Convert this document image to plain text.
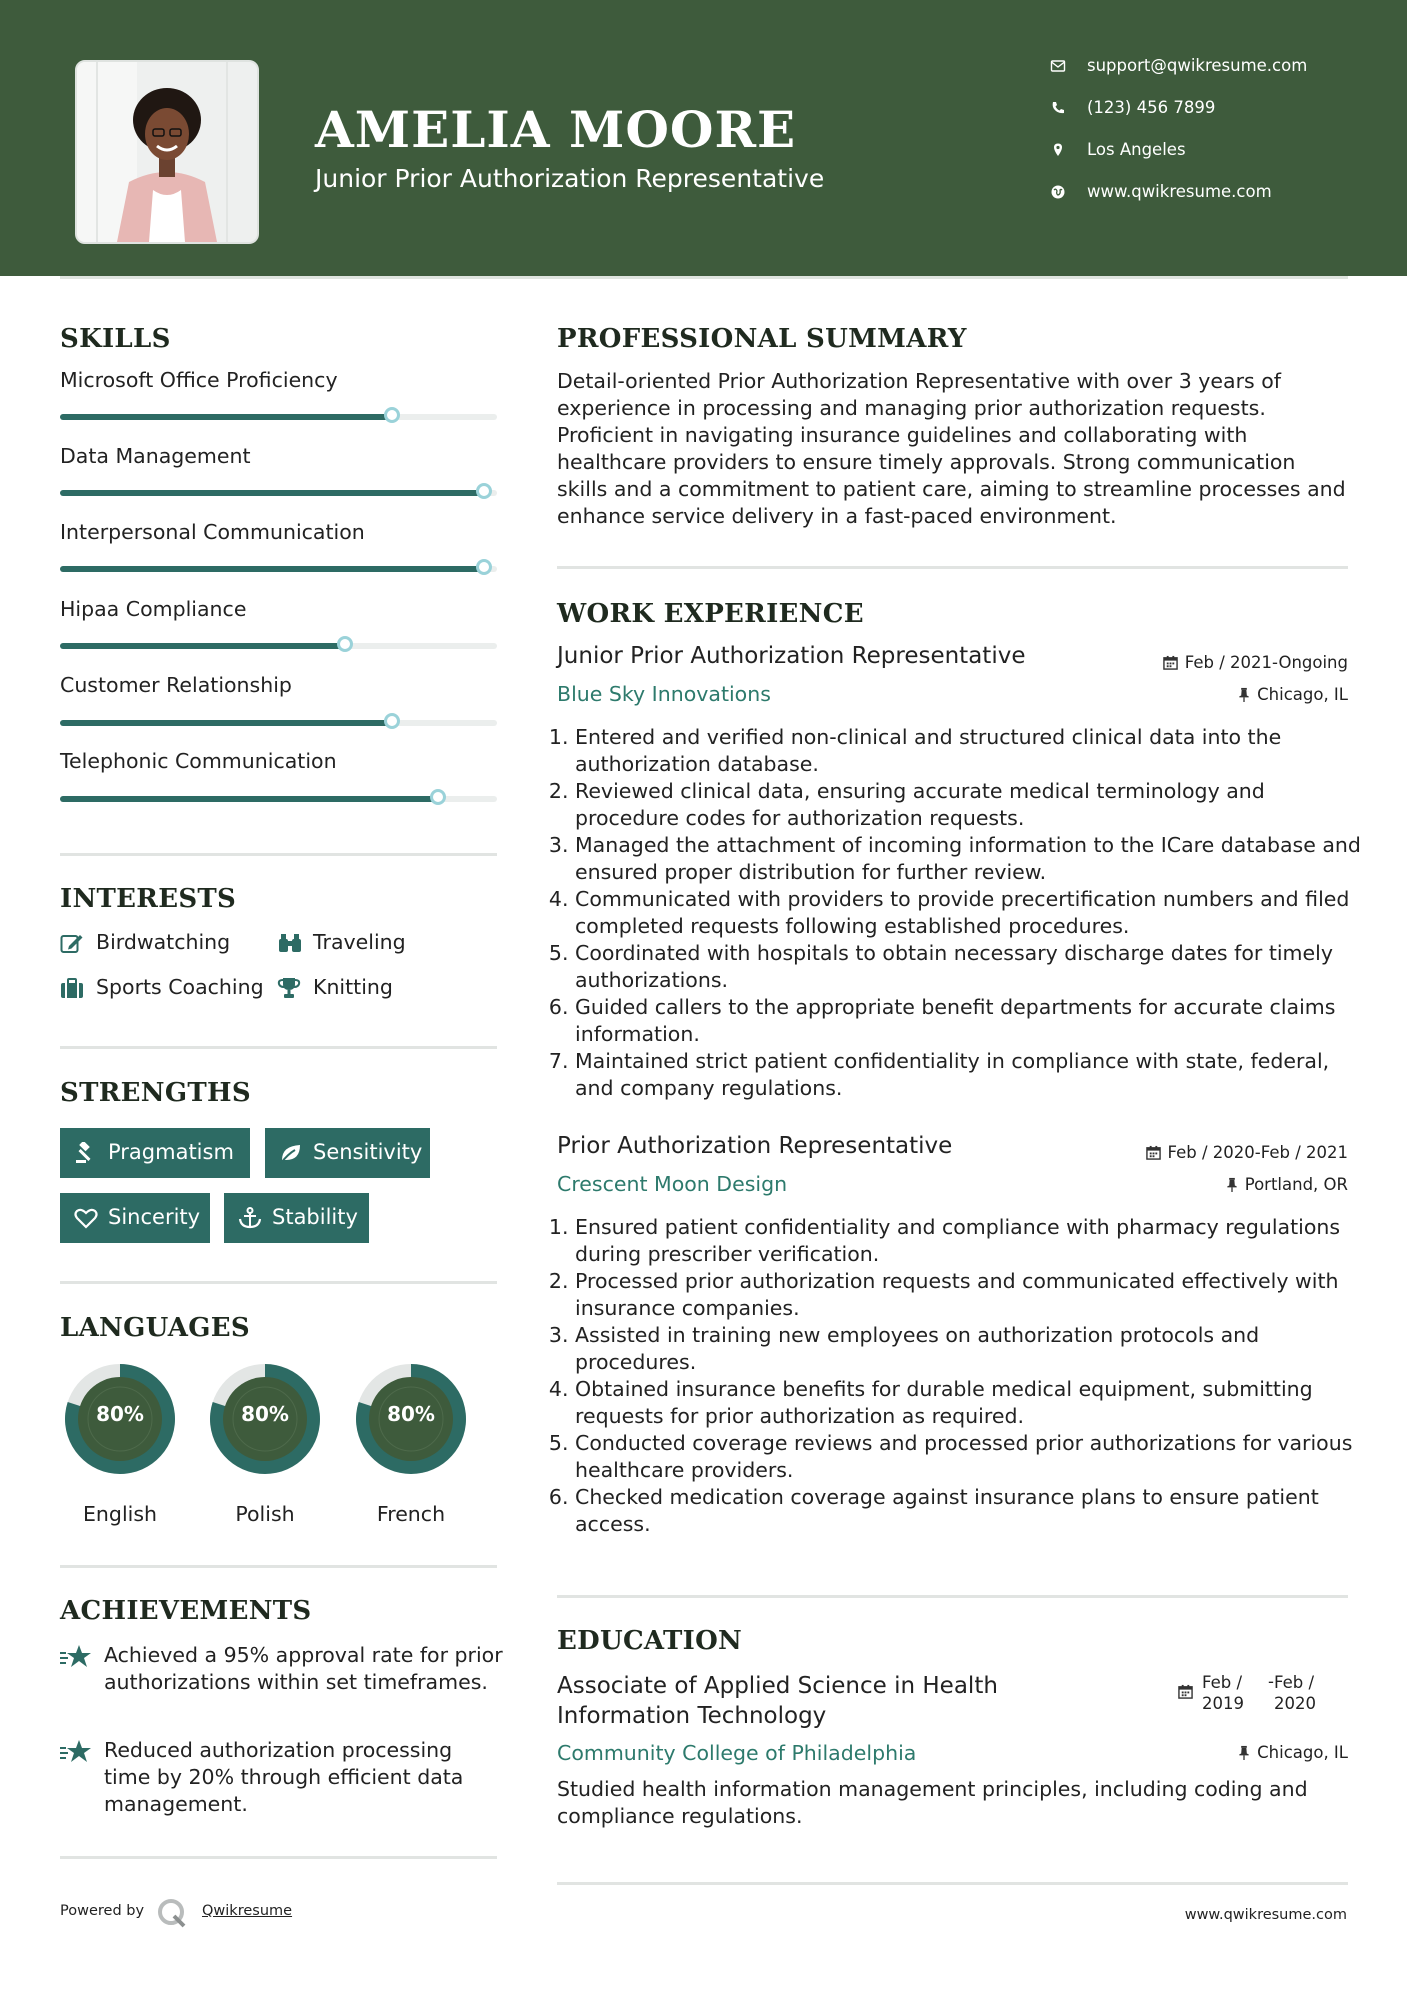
AMELIA MOORE
Junior Prior Authorization Representative
support@qwikresume.com
(123) 456 7899
Los Angeles
www.qwikresume.com
SKILLS
Microsoft Office Proficiency
Data Management
Interpersonal Communication
Hipaa Compliance
Customer Relationship
Telephonic Communication
INTERESTS
Birdwatching	Traveling
Sports Coaching Knitting
STRENGTHS
Pragmatism	Sensitivity
Sincerity	Stability
LANGUAGES
80%
English
80%
Polish
80%
French
ACHIEVEMENTS
Achieved a 95% approval rate for prior authorizations within set timeframes.
Reduced authorization processing time by 20% through efficient data management.
PROFESSIONAL SUMMARY
Detail-oriented Prior Authorization Representative with over 3 years of experience in processing and managing prior authorization requests. Proficient in navigating insurance guidelines and collaborating with healthcare providers to ensure timely approvals. Strong communication skills and a commitment to patient care, aiming to streamline processes and enhance service delivery in a fast-paced environment.
WORK EXPERIENCE
Junior Prior Authorization Representative	Feb / 2021-Ongoing
Blue Sky Innovations	Chicago, IL
1. Entered and verified non-clinical and structured clinical data into the authorization database.
2. Reviewed clinical data, ensuring accurate medical terminology and procedure codes for authorization requests.
3. Managed the attachment of incoming information to the ICare database and ensured proper distribution for further review.
4. Communicated with providers to provide precertification numbers and filed completed requests following established procedures.
5. Coordinated with hospitals to obtain necessary discharge dates for timely authorizations.
6. Guided callers to the appropriate benefit departments for accurate claims information.
7. Maintained strict patient confidentiality in compliance with state, federal, and company regulations.
Prior Authorization Representative	Feb / 2020-Feb / 2021
Crescent Moon Design	Portland, OR
1. Ensured patient confidentiality and compliance with pharmacy regulations during prescriber verification.
2. Processed prior authorization requests and communicated effectively with insurance companies.
3. Assisted in training new employees on authorization protocols and procedures.
4. Obtained insurance benefits for durable medical equipment, submitting requests for prior authorization as required.
5. Conducted coverage reviews and processed prior authorizations for various healthcare providers.
6. Checked medication coverage against insurance plans to ensure patient access.
EDUCATION
Associate of Applied Science in Health Information Technology
Feb / 2019
- Feb / 2020
Community College of Philadelphia	Chicago, IL
Studied health information management principles, including coding and compliance regulations.
Powered by	Qwikresume	www.qwikresume.com
